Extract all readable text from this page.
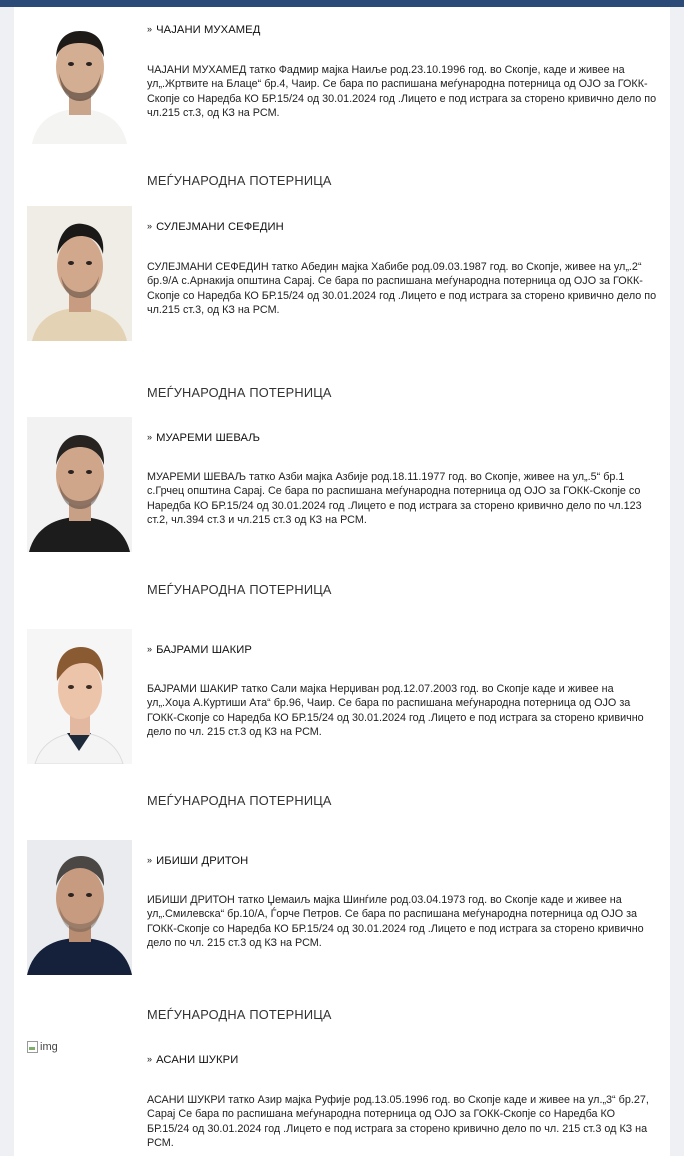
» ЧАЈАНИ МУХАМЕД
ЧАЈАНИ МУХАМЕД татко Фадмир мајка Наиље род.23.10.1996 год. во Скопје, каде и живее на ул„.Жртвите на Блаце“ бр.4, Чаир. Се бара по распишана меѓународна потерница од ОЈО за ГОКК-Скопје со Наредба КО БР.15/24 од 30.01.2024 год .Лицето е под истрага за сторено кривично дело по чл.215 ст.3, од КЗ на РСМ.
МЕЃУНАРОДНА ПОТЕРНИЦА
» СУЛЕЈМАНИ СЕФЕДИН
СУЛЕЈМАНИ СЕФЕДИН татко Абедин мајка Хабибе род.09.03.1987 год. во Скопје, живее на ул„.2“ бр.9/А с.Арнакија општина Сарај. Се бара по распишана меѓународна потерница од ОЈО за ГОКК-Скопје со Наредба КО БР.15/24 од 30.01.2024 год .Лицето е под истрага за сторено кривично дело по чл.215 ст.3, од КЗ на РСМ.
МЕЃУНАРОДНА ПОТЕРНИЦА
» МУАРЕМИ ШЕВАЉ
МУАРЕМИ ШЕВАЉ татко Азби мајка Азбије род.18.11.1977 год. во Скопје, живее на ул„.5“ бр.1 с.Грчец општина Сарај. Се бара по распишана меѓународна потерница од ОЈО за ГОКК-Скопје со Наредба КО БР.15/24 од 30.01.2024 год .Лицето е под истрага за сторено кривично дело по чл.123 ст.2, чл.394 ст.3 и чл.215 ст.3 од КЗ на РСМ.
МЕЃУНАРОДНА ПОТЕРНИЦА
» БАЈРАМИ ШАКИР
БАЈРАМИ ШАКИР татко Сали мајка Нерџиван род.12.07.2003 год. во Скопје каде и живее на ул„.Хоџа А.Куртиши Ата“ бр.96, Чаир. Се бара по распишана меѓународна потерница од ОЈО за ГОКК-Скопје со Наредба КО БР.15/24 од 30.01.2024 год .Лицето е под истрага за сторено кривично дело по чл. 215 ст.3 од КЗ на РСМ.
МЕЃУНАРОДНА ПОТЕРНИЦА
» ИБИШИ ДРИТОН
ИБИШИ ДРИТОН татко Џемаиљ мајка Шинѓиле род.03.04.1973 год. во Скопје каде и живее на ул„.Смилевска“ бр.10/А, Ѓорче Петров. Се бара по распишана меѓународна потерница од ОЈО за ГОКК-Скопје со Наредба КО БР.15/24 од 30.01.2024 год .Лицето е под истрага за сторено кривично дело по чл. 215 ст.3 од КЗ на РСМ.
МЕЃУНАРОДНА ПОТЕРНИЦА
img
» АСАНИ ШУКРИ
АСАНИ ШУКРИ татко Азир мајка Руфије род.13.05.1996 год. во Скопје каде и живее на ул.„3“ бр.27, Сарај Се бара по распишана меѓународна потерница од ОЈО за ГОКК-Скопје со Наредба КО БР.15/24 од 30.01.2024 год .Лицето е под истрага за сторено кривично дело по чл. 215 ст.3 од КЗ на РСМ.
